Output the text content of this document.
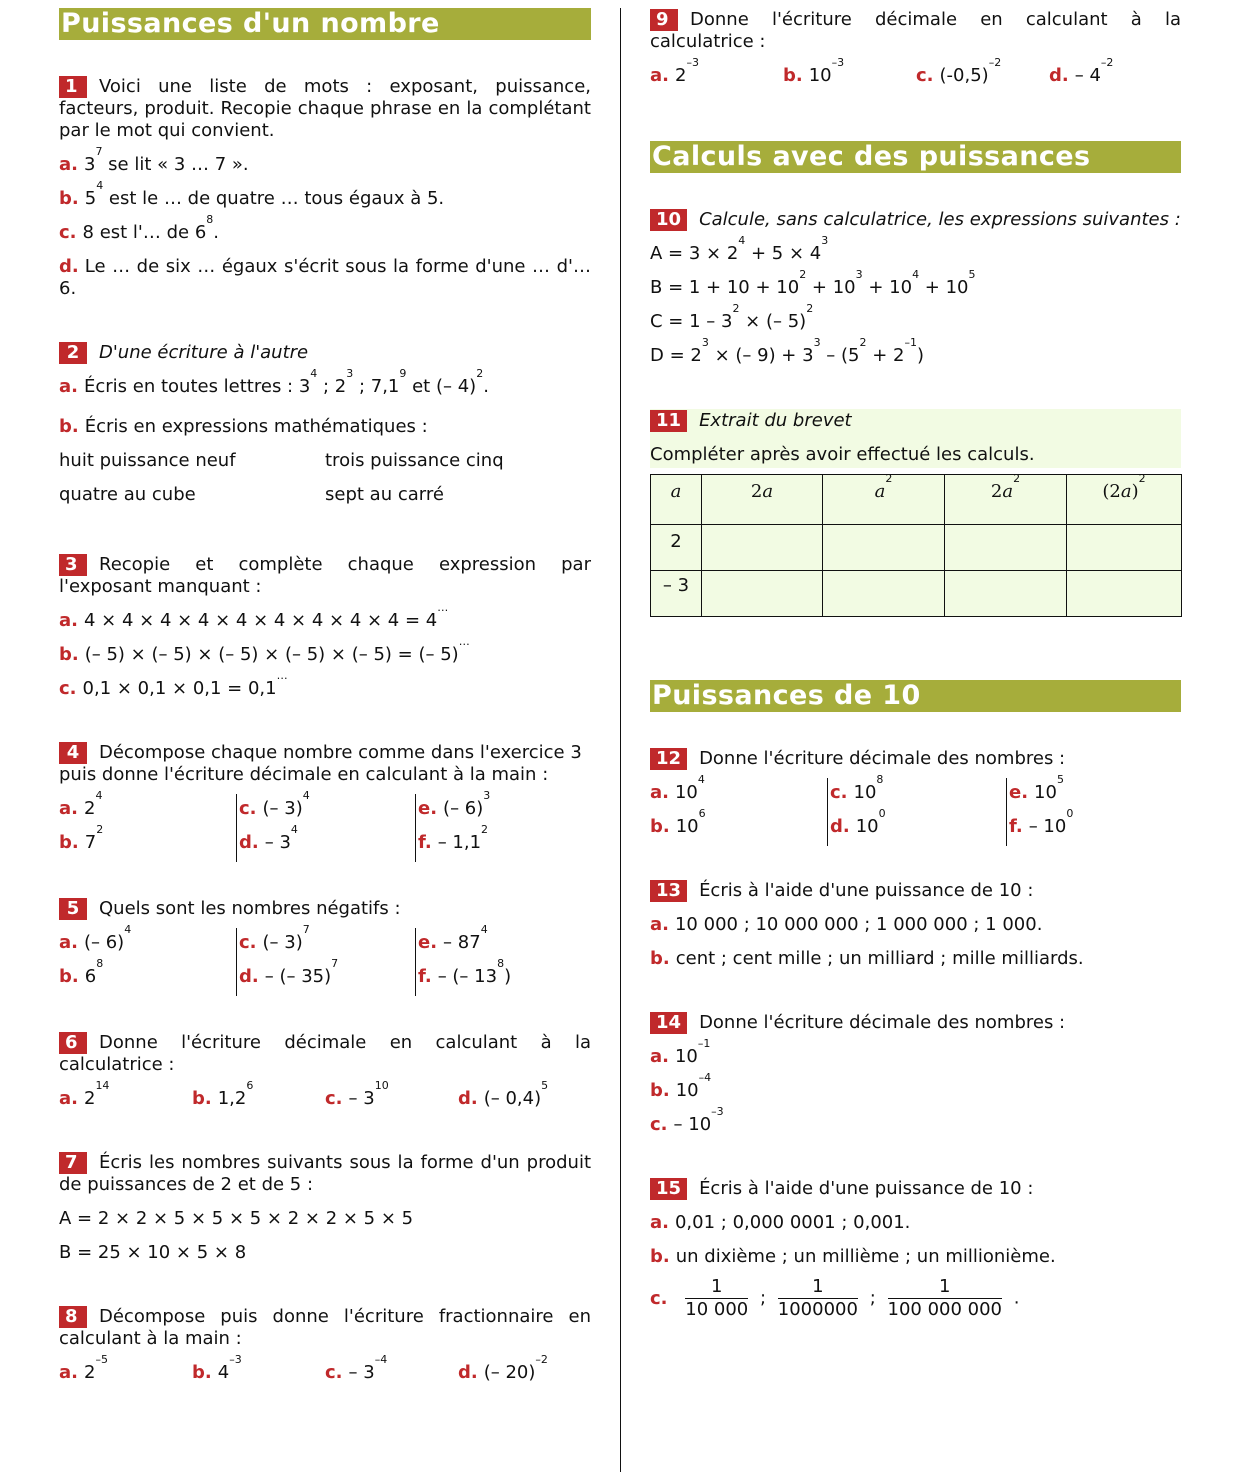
Puissances d'un nombre
1 Voici une liste de mots : exposant, puissance, facteurs, produit. Recopie chaque phrase en la complétant par le mot qui convient.
a. $3^7$ se lit « 3 … 7 ».
b. $5^4$ est le … de quatre … tous égaux à 5.
c. 8 est l'… de $6^8$.
d. Le … de six … égaux s'écrit sous la forme d'une … d'… 6.
2 D'une écriture à l'autre
a. Écris en toutes lettres : $3^4$ ; $2^3$ ; $7,1^9$ et (– 4)$^2$.
b. Écris en expressions mathématiques :
huit puissance neuf	trois puissance cinq
quatre au cube	sept au carré
3 Recopie et complète chaque expression par l'exposant manquant :
a. 4 × 4 × 4 × 4 × 4 × 4 × 4 × 4 × 4 = 4…
b. (– 5) × (– 5) × (– 5) × (– 5) × (– 5) = (– 5)…
c. 0,1 × 0,1 × 0,1 = 0,1…
4 Décompose chaque nombre comme dans l'exercice 3 puis donne l'écriture décimale en calculant à la main :
a. $2^4$
c. (– 3)$^4$
e. (– 6)$^3$
b. $7^2$
d. – $3^4$
f. – $1,1^2$
5 Quels sont les nombres négatifs :
a. (– 6)$^4$
c. (– 3)$^7$
e. – $87^4$
b. $6^8$
d. – (– 35)$^7$
f. – (– $13^8$)
6 Donne l'écriture décimale en calculant à la calculatrice :
a. $2^{14}$
b. $1,2^6$
c. – $3^{10}$
d. (– 0,4)$^5$
7 Écris les nombres suivants sous la forme d'un produit de puissances de 2 et de 5 :
A = 2 × 2 × 5 × 5 × 5 × 2 × 2 × 5 × 5
B = 25 × 10 × 5 × 8
8 Décompose puis donne l'écriture fractionnaire en calculant à la main :
a. $2^{-5}$
b. $4^{-3}$
c. – $3^{-4}$
d. (– 20)$^{-2}$
9 Donne l'écriture décimale en calculant à la calculatrice :
a. $2^{-3}$
b. $10^{-3}$
c. $(-0,5)^{-2}$
d. – $4^{-2}$
Calculs avec des puissances
10 Calcule, sans calculatrice, les expressions suivantes :
$A = 3 \times 2^4 + 5 \times 4^3$
$B = 1 + 10 + 10^2 + 10^3 + 10^4 + 10^5$
$C = 1 - 3^2$ × (– 5)$^2$
$D = 2^3$ × (– $9) + 3^3 - (5^2 + 2^{-1})$
11 Extrait du brevet
Compléter après avoir effectué les calculs.
a	2a	$a^2$	$2a^2$	$(2a)^2$
2				
– 3				
Puissances de 10
12 Donne l'écriture décimale des nombres :
a. $10^4$
c. $10^8$
e. $10^5$
b. $10^6$
d. $10^0$
f. – $10^0$
13 Écris à l'aide d'une puissance de 10 :
a. 10 000 ; 10 000 000 ; 1 000 000 ; 1 000.
b. cent ; cent mille ; un milliard ; mille milliards.
14 Donne l'écriture décimale des nombres :
a. $10^{-1}$
b. $10^{-4}$
c. – $10^{-3}$
15 Écris à l'aide d'une puissance de 10 :
a. 0,01 ; 0,000 0001 ; 0,001.
b. un dixième ; un millième ; un millionième.
c. $\frac{1}{10 000}$ ; $\frac{1}{1000000}$ ; $\frac{1}{100 000 000}$ .
